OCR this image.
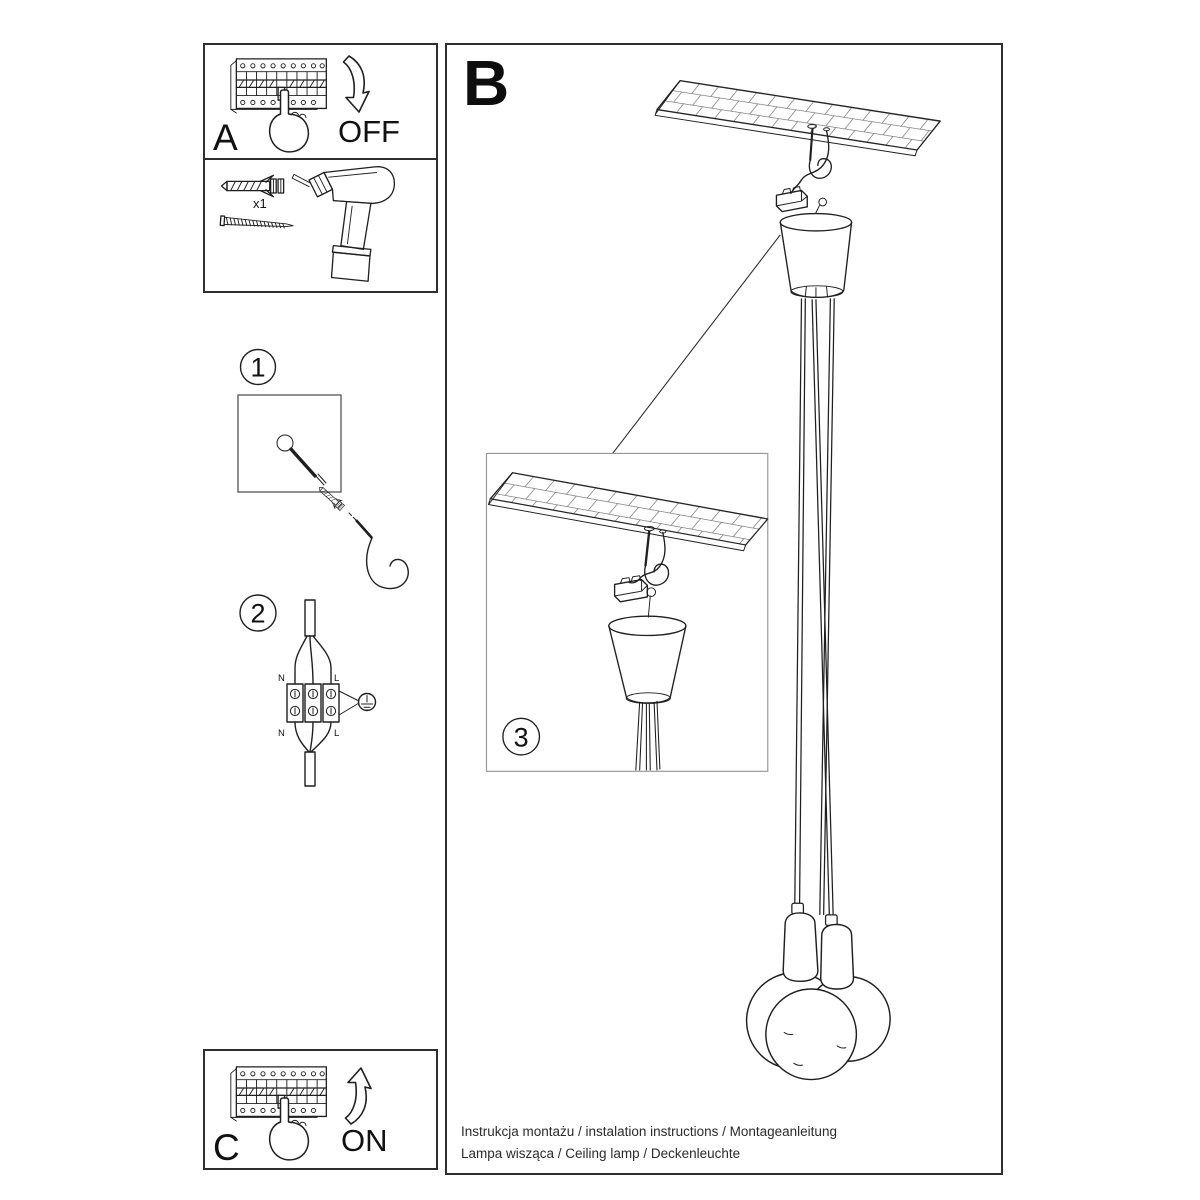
OFF
A
x1
1
2
N	L
N	L
ON
C
B
3
Instrukcja montażu / instalation instructions / Montageanleitung
Lampa wisząca / Ceiling lamp / Deckenleuchte
